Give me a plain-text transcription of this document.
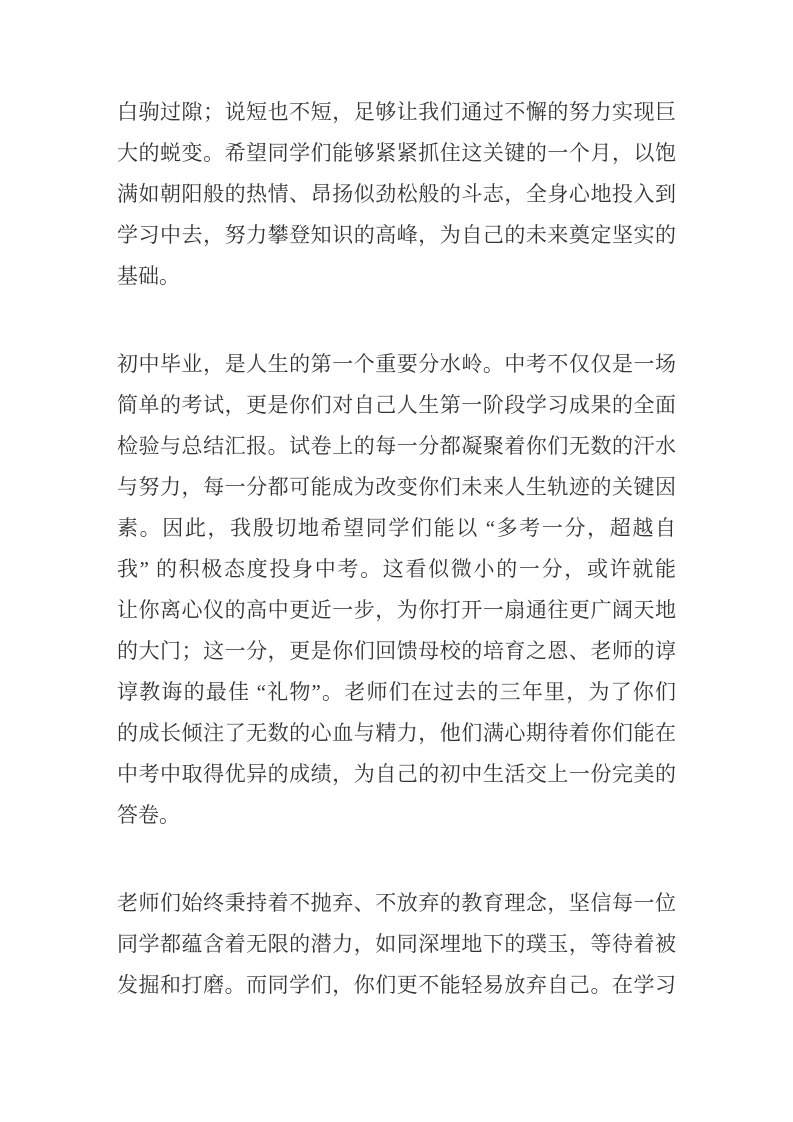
白驹过隙；说短也不短，足够让我们通过不懈的努力实现巨
大的蜕变。希望同学们能够紧紧抓住这关键的一个月，以饱
满如朝阳般的热情、昂扬似劲松般的斗志，全身心地投入到
学习中去，努力攀登知识的高峰，为自己的未来奠定坚实的
基础。
初中毕业，是人生的第一个重要分水岭。中考不仅仅是一场
简单的考试，更是你们对自己人生第一阶段学习成果的全面
检验与总结汇报。试卷上的每一分都凝聚着你们无数的汗水
与努力，每一分都可能成为改变你们未来人生轨迹的关键因
素。因此，我殷切地希望同学们能以 “多考一分，超越自
我” 的积极态度投身中考。这看似微小的一分，或许就能
让你离心仪的高中更近一步，为你打开一扇通往更广阔天地
的大门；这一分，更是你们回馈母校的培育之恩、老师的谆
谆教诲的最佳 “礼物”。老师们在过去的三年里，为了你们
的成长倾注了无数的心血与精力，他们满心期待着你们能在
中考中取得优异的成绩，为自己的初中生活交上一份完美的
答卷。
老师们始终秉持着不抛弃、不放弃的教育理念，坚信每一位
同学都蕴含着无限的潜力，如同深埋地下的璞玉，等待着被
发掘和打磨。而同学们，你们更不能轻易放弃自己。在学习
